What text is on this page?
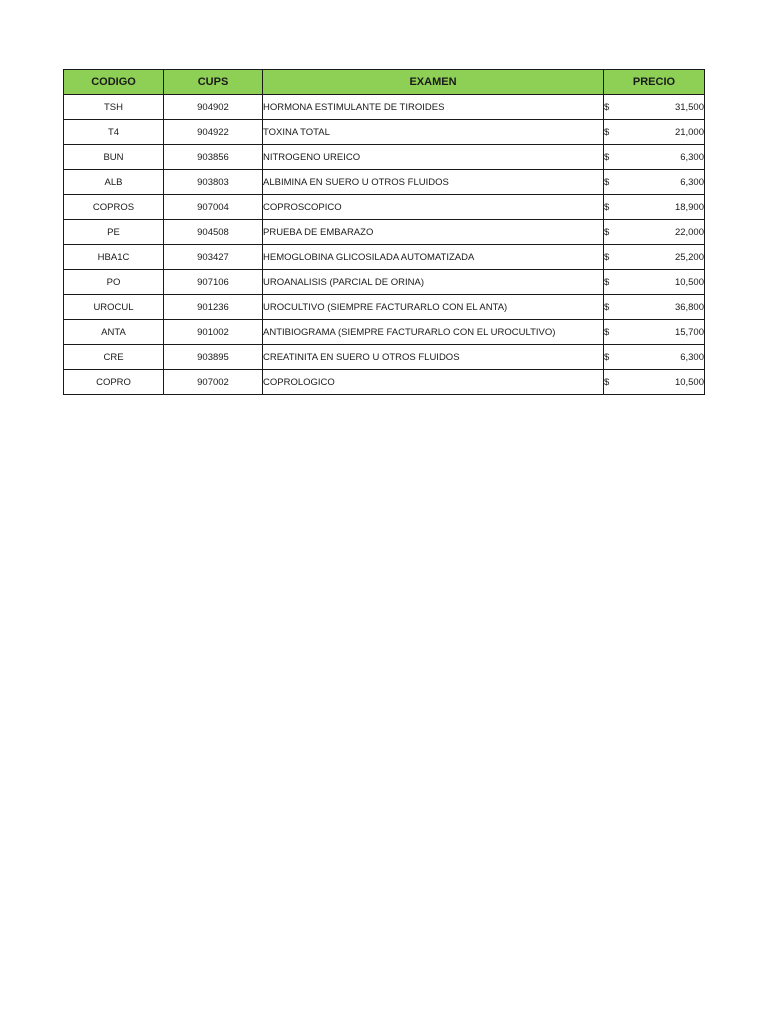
CODIGO	CUPS	EXAMEN	PRECIO
TSH	904902	HORMONA ESTIMULANTE DE TIROIDES	$ 31,500

T4	904922	TOXINA TOTAL	$ 21,000

BUN	903856	NITROGENO UREICO	$ 6,300

ALB	903803	ALBIMINA EN SUERO U OTROS FLUIDOS	$ 6,300

COPROS	907004	COPROSCOPICO	$ 18,900

PE	904508	PRUEBA DE EMBARAZO	$ 22,000

HBA1C	903427	HEMOGLOBINA GLICOSILADA AUTOMATIZADA	$ 25,200

PO	907106	UROANALISIS (PARCIAL DE ORINA)	$ 10,500

UROCUL	901236	UROCULTIVO (SIEMPRE FACTURARLO CON EL ANTA)	$ 36,800

ANTA	901002	ANTIBIOGRAMA (SIEMPRE FACTURARLO CON EL UROCULTIVO)	$ 15,700

CRE	903895	CREATINITA EN SUERO U OTROS FLUIDOS	$ 6,300

COPRO	907002	COPROLOGICO	$ 10,500
